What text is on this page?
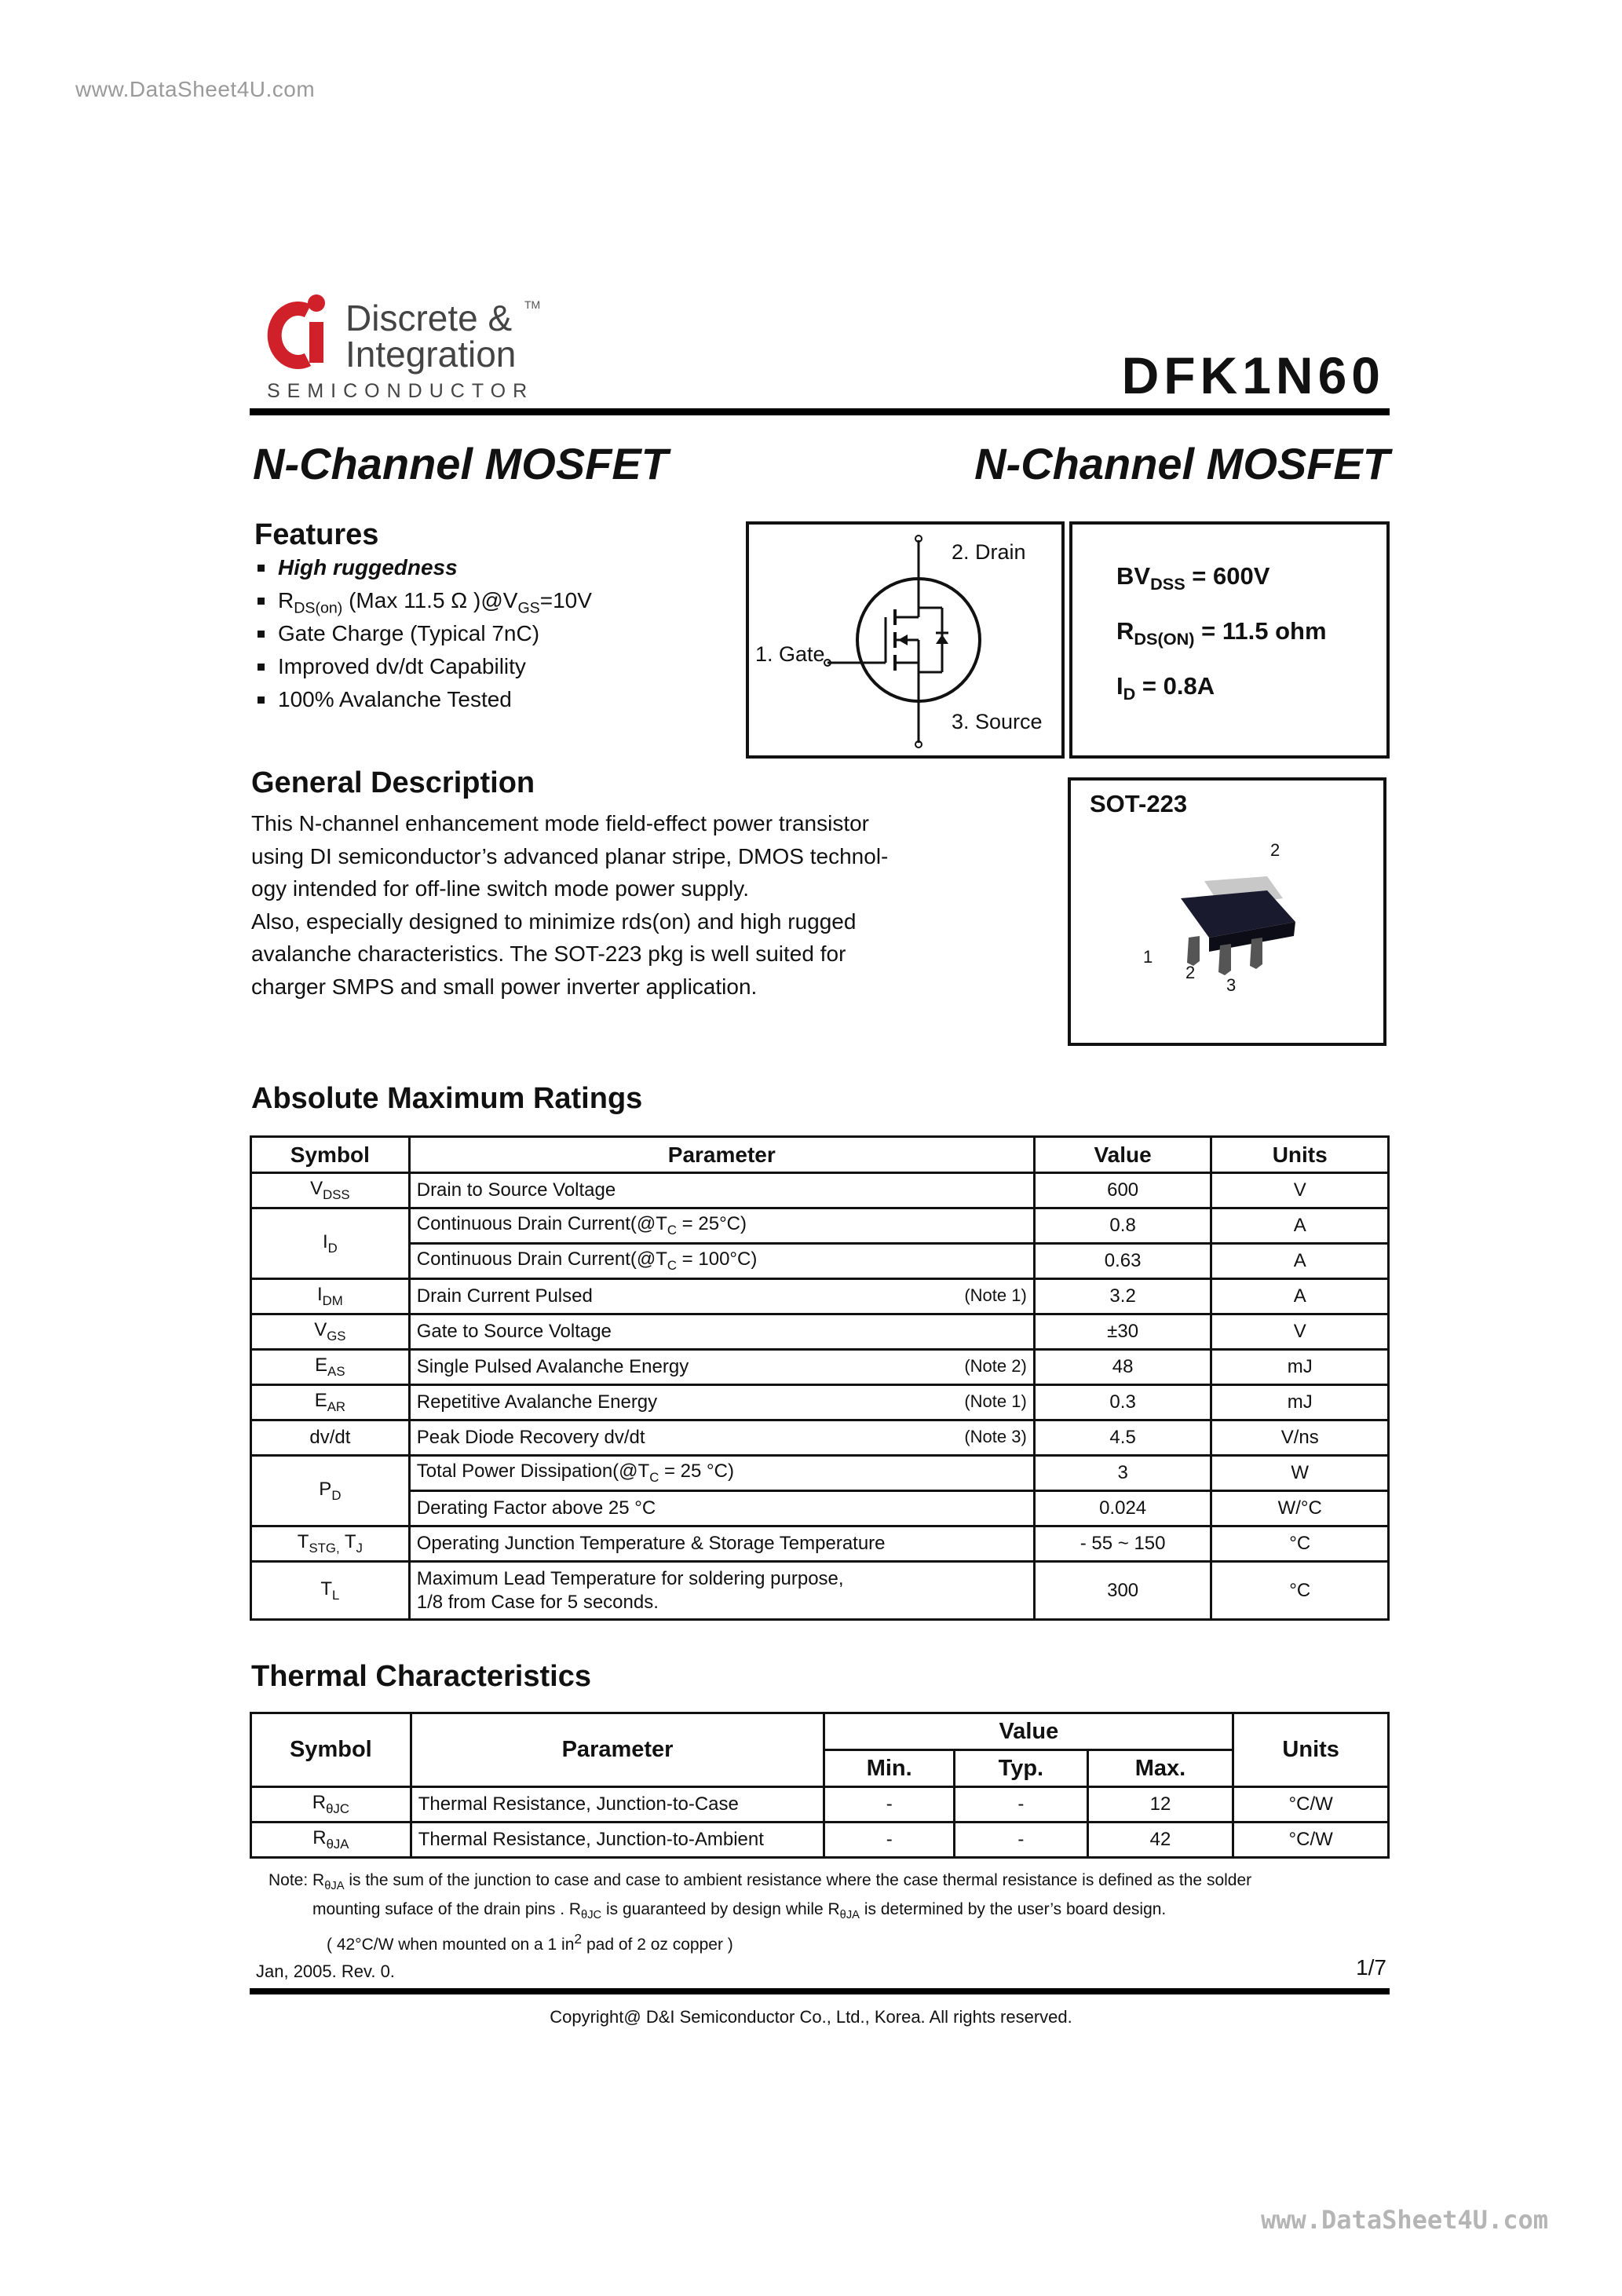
www.DataSheet4U.com
Discrete &
Integration
TM
SEMICONDUCTOR	DFK1N60
N-Channel MOSFET	N-Channel MOSFET
Features
High ruggedness
$R_{DS(on)}$ (Max 11.5 Ω )$@V_{GS}=10V$
Gate Charge (Typical 7nC)
Improved dv/dt Capability
100% Avalanche Tested
2. Drain
1. Gate
3. Source
$BV_{DSS} = 600V$
$R_{DS(ON)} = 11.5$ ohm
$I_D = 0.8A$
General Description
This N-channel enhancement mode field-effect power transistor
using DI semiconductor’s advanced planar stripe, DMOS technol-
ogy intended for off-line switch mode power supply.
Also, especially designed to minimize rds(on) and high rugged
avalanche characteristics. The SOT-223 pkg is well suited for
charger SMPS and small power inverter application.
SOT-223
2
1
2
3
Absolute Maximum Ratings
Symbol	Parameter	Value	Units
$V_{DSS}$	Drain to Source Voltage	600	V
$I_D$	Continuous Drain $Current(@T_C = 25^\circ C)$	0.8	A
	Continuous Drain $Current(@T_C = 100^\circ C)$	0.63	A
$I_{DM}$	Drain Current Pulsed (Note 1)	3.2	A
$V_{GS}$	Gate to Source Voltage	±30	V
$E_{AS}$	Single Pulsed Avalanche Energy (Note 2)	48	mJ
$E_{AR}$	Repetitive Avalanche Energy (Note 1)	0.3	mJ
dv/dt	Peak Diode Recovery dv/dt (Note 3)	4.5	V/ns
$P_D$	Total Power $Dissipation(@T_C = 25$ °C)	3	W
	Derating Factor above 25 °C	0.024	W/°C
$T_{STG,}$ $T_J$	Operating Junction Temperature & Storage Temperature	- 55 ~ 150	°C
$T_L$	Maximum Lead Temperature for soldering purpose,
1/8 from Case for 5 seconds.	300	°C
Thermal Characteristics
Symbol	Parameter	Value			Units
		Min.	Typ.	Max.	
$R_{\theta JC}$	Thermal Resistance, Junction-to-Case	-	-	12	°C/W
$R_{\theta JA}$	Thermal Resistance, Junction-to-Ambient	-	-	42	°C/W
Note: $R_{\theta JA}$ is the sum of the junction to case and case to ambient resistance where the case thermal resistance is defined as the solder
mounting suface of the drain pins . $R_{\theta JC}$ is guaranteed by design while $R_{\theta JA}$ is determined by the user’s board design.
( 42°C/W when mounted on a 1 $in^2$ pad of 2 oz copper )
Jan, 2005. Rev. 0.	1/7
Copyright@ D&I Semiconductor Co., Ltd., Korea. All rights reserved.
www.DataSheet4U.com
